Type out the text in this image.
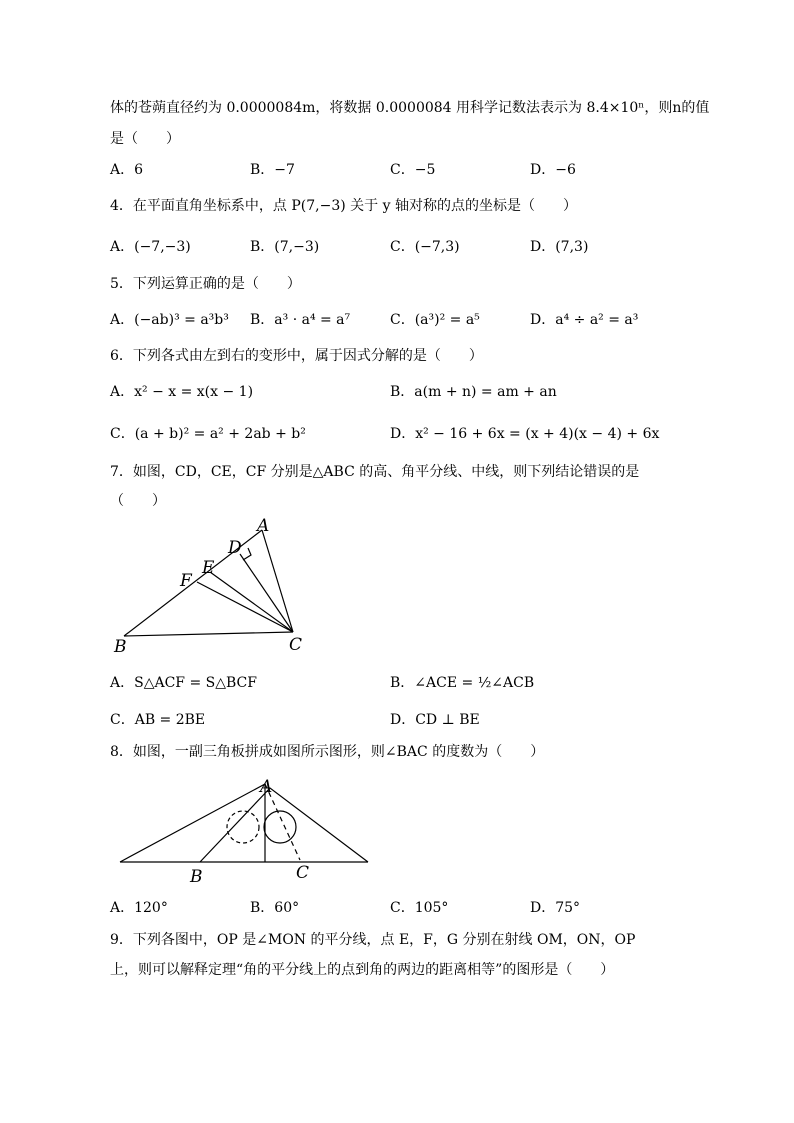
体的苍蒴直径约为 0.0000084m，将数据 0.0000084 用科学记数法表示为 8.4×10ⁿ，则n的值
是（　　）
A．6	B．−7	C．−5	D．−6
4．在平面直角坐标系中，点 P(7,−3) 关于 y 轴对称的点的坐标是（　　）
A．(−7,−3)	B．(7,−3)	C．(−7,3)	D．(7,3)
5．下列运算正确的是（　　）
A．(−ab)³ = a³b³ B．a³ · a⁴ = a⁷	C．(a³)² = a⁵	D．a⁴ ÷ a² = a³
6．下列各式由左到右的变形中，属于因式分解的是（　　）
A．x² − x = x(x − 1)	B．a(m + n) = am + an
C．(a + b)² = a² + 2ab + b²	D．x² − 16 + 6x = (x + 4)(x − 4) + 6x
7．如图，CD，CE，CF 分别是△ABC 的高、角平分线、中线，则下列结论错误的是
（　　）
A
D
E
F
B	C
A．S△ACF = S△BCF	B．∠ACE = ½∠ACB
C．AB = 2BE	D．CD ⊥ BE
8．如图，一副三角板拼成如图所示图形，则∠BAC 的度数为（　　）
A
B	C
A．120°	B．60°	C．105°	D．75°
9．下列各图中，OP 是∠MON 的平分线，点 E，F，G 分别在射线 OM，ON，OP
上，则可以解释定理“角的平分线上的点到角的两边的距离相等”的图形是（　　）
